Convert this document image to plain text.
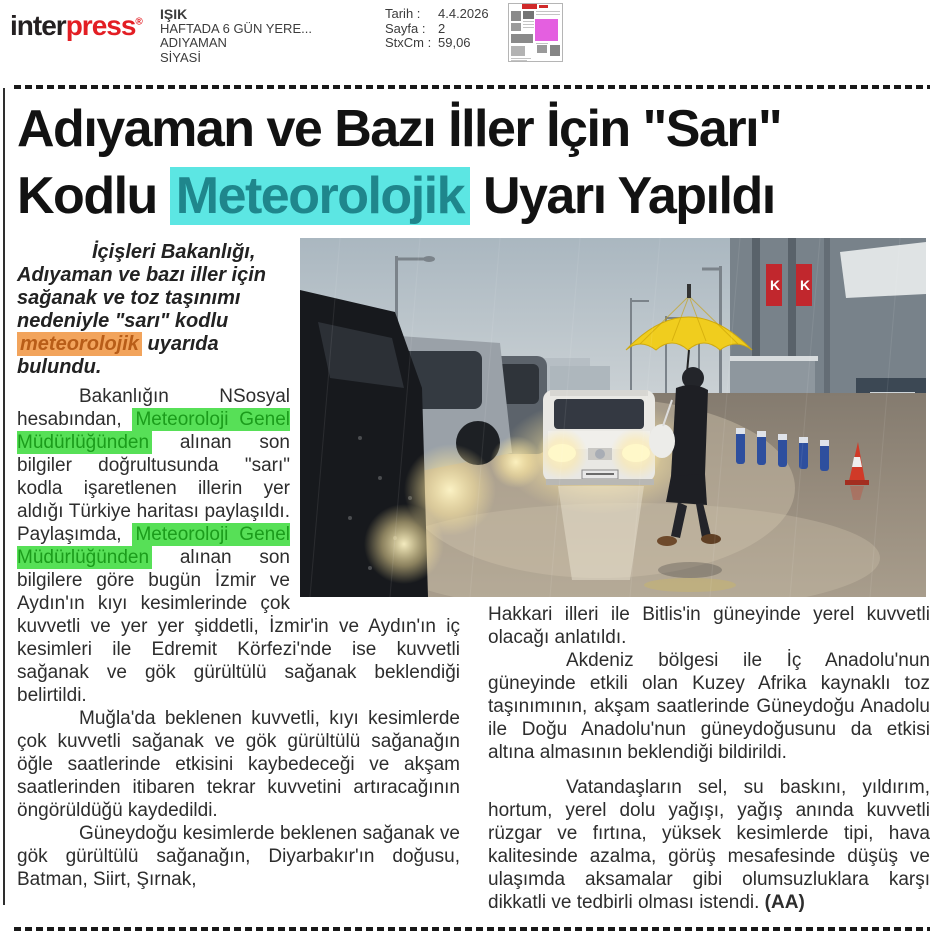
interpress®
IŞIK
HAFTADA 6 GÜN YERE...
ADIYAMAN
SİYASİ
Tarih :	4.4.2026
Sayfa : 2
StxCm : 59,06
Adıyaman ve Bazı İller İçin "Sarı"
Kodlu Meteorolojik Uyarı Yapıldı
K K

İçişleri Bakanlığı, Adıyaman ve bazı iller için sağanak ve toz taşınımı nedeniyle "sarı" kodlu meteorolojik uyarıda bulundu.

Bakanlığın NSosyal hesabından, Meteoroloji Genel Müdürlüğünden alınan son bilgiler doğrultusunda "sarı" kodla işaretlenen illerin yer aldığı Türkiye haritası paylaşıldı. Paylaşımda, Meteoroloji Genel Müdürlüğünden alınan son bilgilere göre bugün İzmir ve Aydın'ın kıyı kesimlerinde çok kuvvetli ve yer yer şiddetli, İzmir'in ve Aydın'ın iç kesimleri ile Edremit Körfezi'nde ise kuvvetli sağanak ve gök gürültülü sağanak beklendiği belirtildi.

Muğla'da beklenen kuvvetli, kıyı kesimlerde çok kuvvetli sağanak ve gök gürültülü sağanağın öğle saatlerinde etkisini kaybedeceği ve akşam saatlerinden itibaren tekrar kuvvetini artıracağının öngörüldüğü kaydedildi.

Güneydoğu kesimlerde beklenen sağanak ve gök gürültülü sağanağın, Diyarbakır'ın doğusu, Batman, Siirt, Şırnak,

Hakkari illeri ile Bitlis'in güneyinde yerel kuvvetli olacağı anlatıldı.

Akdeniz bölgesi ile İç Anadolu'nun güneyinde etkili olan Kuzey Afrika kaynaklı toz taşınımının, akşam saatlerinde Güneydoğu Anadolu ile Doğu Anadolu'nun güneydoğusunu da etkisi altına almasının beklendiği bildirildi.

Vatandaşların sel, su baskını, yıldırım, hortum, yerel dolu yağışı, yağış anında kuvvetli rüzgar ve fırtına, yüksek kesimlerde tipi, hava kalitesinde azalma, görüş mesafesinde düşüş ve ulaşımda aksamalar gibi olumsuzluklara karşı dikkatli ve tedbirli olması istendi. (AA)
